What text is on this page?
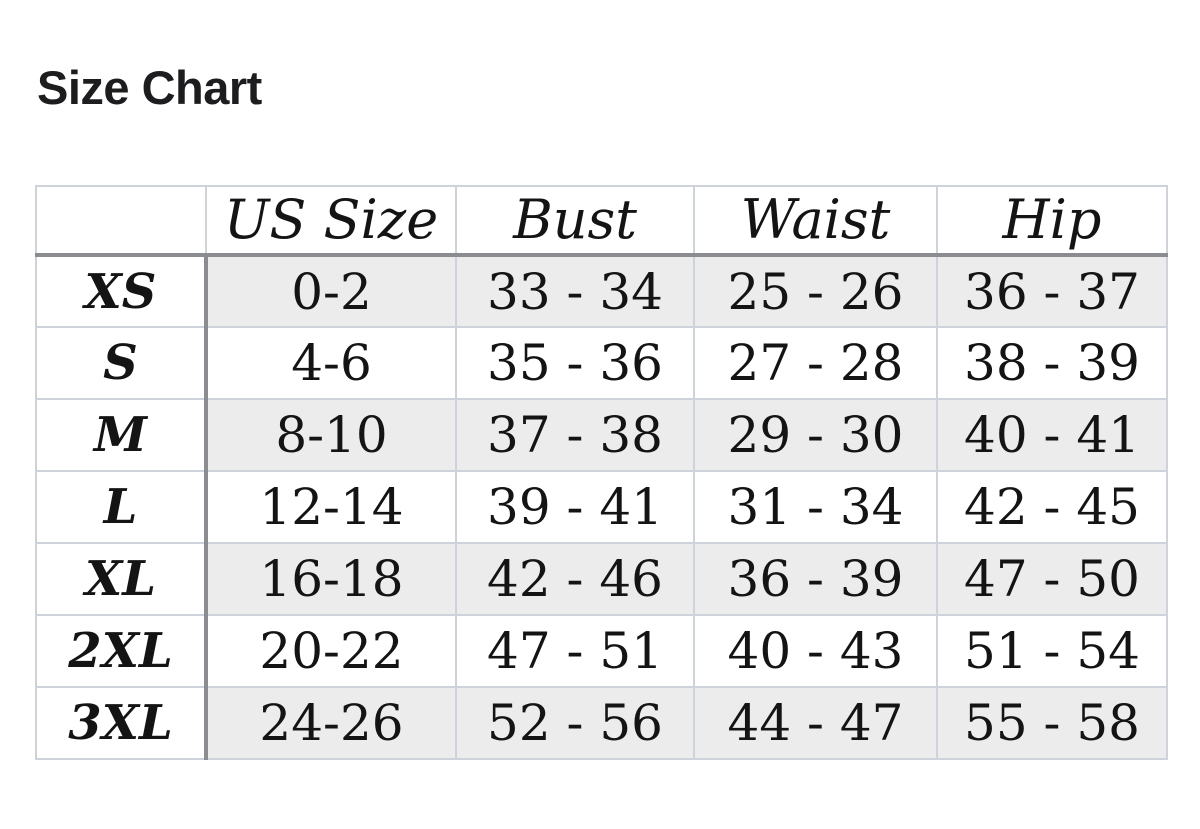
Size Chart
	US Size	Bust	Waist	Hip
XS	0-2	33 - 34	25 - 26	36 - 37
S	4-6	35 - 36	27 - 28	38 - 39
M	8-10	37 - 38	29 - 30	40 - 41
L	12-14	39 - 41	31 - 34	42 - 45
XL	16-18	42 - 46	36 - 39	47 - 50
2XL	20-22	47 - 51	40 - 43	51 - 54
3XL	24-26	52 - 56	44 - 47	55 - 58
